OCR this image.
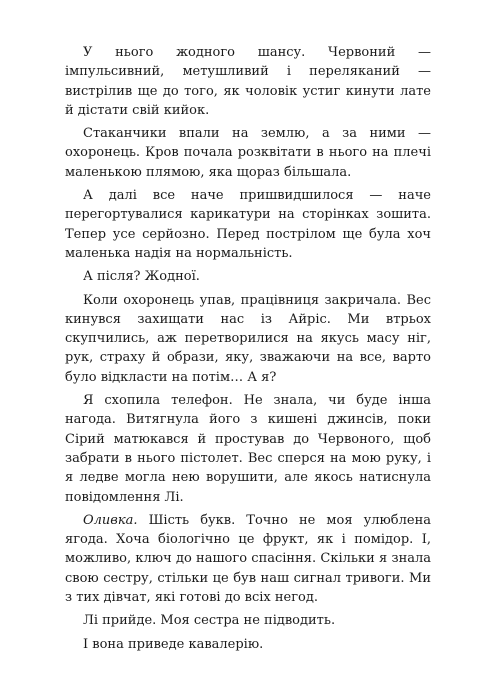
У нього жодного шансу. Червоний — імпульсивний, метушливий і переляканий — вистрілив ще до того, як чоловік устиг кинути лате й дістати свій кийок.

Стаканчики впали на землю, а за ними — охоронець. Кров почала розквітати в нього на плечі маленькою плямою, яка щораз більшала.

А далі все наче пришвидшилося — наче перегортувалися карикатури на сторінках зошита. Тепер усе серйозно. Перед пострілом ще була хоч маленька надія на нормальність.

А після? Жодної.

Коли охоронець упав, працівниця закричала. Вес кинувся захищати нас із Айріс. Ми втрьох скупчились, аж перетворилися на якусь масу ніг, рук, страху й образи, яку, зважаючи на все, варто було відкласти на потім… А я?

Я схопила телефон. Не знала, чи буде інша нагода. Витягнула його з кишені джинсів, поки Сірий матюкався й простував до Червоного, щоб забрати в нього пістолет. Вес сперся на мою руку, і я ледве могла нею ворушити, але якось натиснула повідомлення Лі.

Оливка. Шість букв. Точно не моя улюблена ягода. Хоча біологічно це фрукт, як і помідор. І, можливо, ключ до нашого спасіння. Скільки я знала свою сестру, стільки це був наш сигнал тривоги. Ми з тих дівчат, які готові до всіх негод.

Лі прийде. Моя сестра не підводить.

І вона приведе кавалерію.
